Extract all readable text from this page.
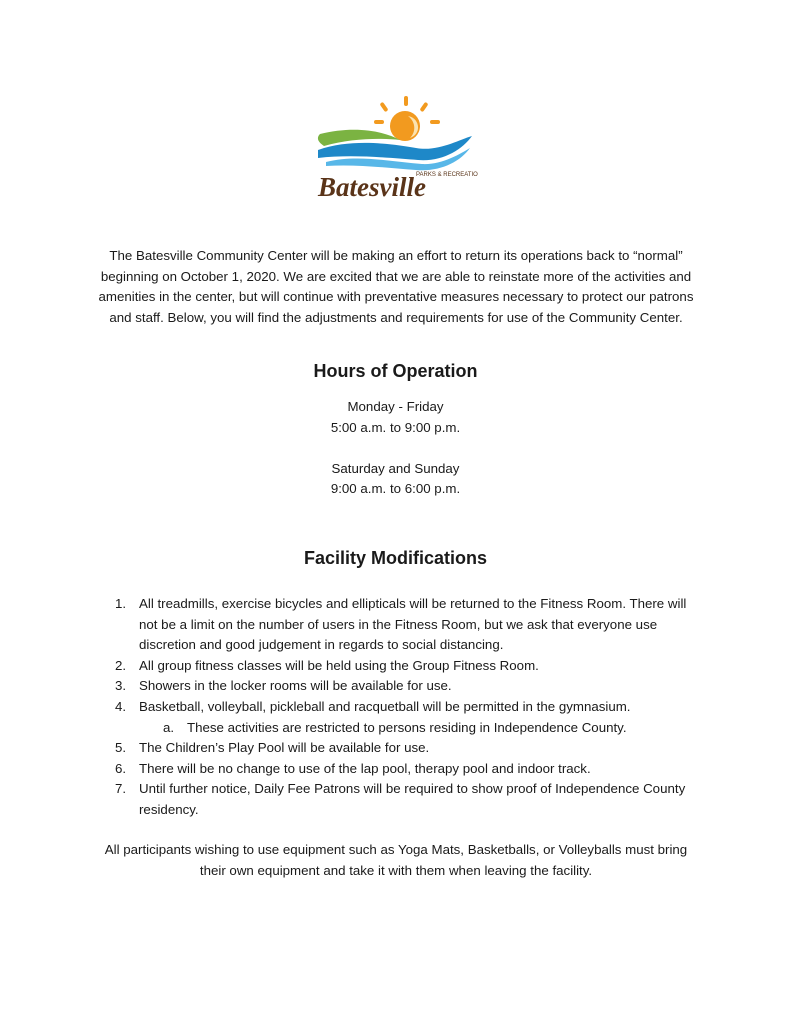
PARKS & RECREATION
Batesville

The Batesville Community Center will be making an effort to return its operations back to “normal” beginning on October 1, 2020. We are excited that we are able to reinstate more of the activities and amenities in the center, but will continue with preventative measures necessary to protect our patrons and staff. Below, you will find the adjustments and requirements for use of the Community Center.

Hours of Operation

Monday - Friday
5:00 a.m. to 9:00 p.m.

Saturday and Sunday
9:00 a.m. to 6:00 p.m.

Facility Modifications
1. All treadmills, exercise bicycles and ellipticals will be returned to the Fitness Room. There will not be a limit on the number of users in the Fitness Room, but we ask that everyone use discretion and good judgement in regards to social distancing.
2. All group fitness classes will be held using the Group Fitness Room.
3. Showers in the locker rooms will be available for use.
4. Basketball, volleyball, pickleball and racquetball will be permitted in the gymnasium.
a. These activities are restricted to persons residing in Independence County.
5. The Children’s Play Pool will be available for use.
6. There will be no change to use of the lap pool, therapy pool and indoor track.
7. Until further notice, Daily Fee Patrons will be required to show proof of Independence County residency.

All participants wishing to use equipment such as Yoga Mats, Basketballs, or Volleyballs must bring their own equipment and take it with them when leaving the facility.
